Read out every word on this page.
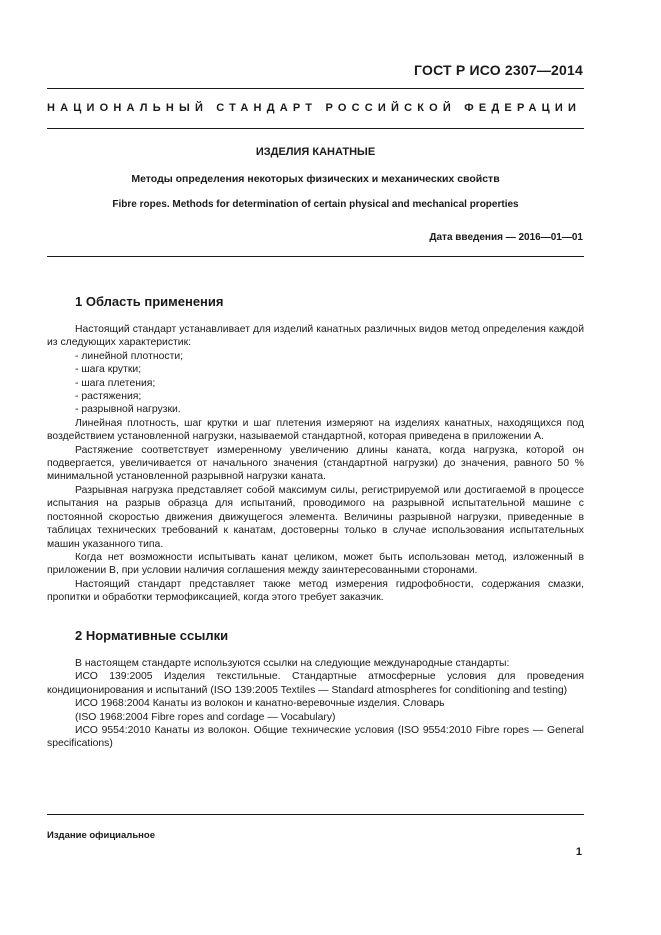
ГОСТ Р ИСО 2307—2014
НАЦИОНАЛЬНЫЙ СТАНДАРТ РОССИЙСКОЙ ФЕДЕРАЦИИ
ИЗДЕЛИЯ КАНАТНЫЕ
Методы определения некоторых физических и механических свойств
Fibre ropes. Methods for determination of certain physical and mechanical properties
Дата введения — 2016—01—01
1 Область применения

Настоящий стандарт устанавливает для изделий канатных различных видов метод определения каждой из следующих характеристик:

- линейной плотности;

- шага крутки;

- шага плетения;

- растяжения;

- разрывной нагрузки.

Линейная плотность, шаг крутки и шаг плетения измеряют на изделиях канатных, находящихся под воздействием установленной нагрузки, называемой стандартной, которая приведена в приложении А.

Растяжение соответствует измеренному увеличению длины каната, когда нагрузка, которой он подвергается, увеличивается от начального значения (стандартной нагрузки) до значения, равного 50 % минимальной установленной разрывной нагрузки каната.

Разрывная нагрузка представляет собой максимум силы, регистрируемой или достигаемой в процессе испытания на разрыв образца для испытаний, проводимого на разрывной испытательной машине с постоянной скоростью движения движущегося элемента. Величины разрывной нагрузки, приведенные в таблицах технических требований к канатам, достоверны только в случае использования испытательных машин указанного типа.

Когда нет возможности испытывать канат целиком, может быть использован метод, изложенный в приложении В, при условии наличия соглашения между заинтересованными сторонами.

Настоящий стандарт представляет также метод измерения гидрофобности, содержания смазки, пропитки и обработки термофиксацией, когда этого требует заказчик.

2 Нормативные ссылки

В настоящем стандарте используются ссылки на следующие международные стандарты:

ИСО 139:2005 Изделия текстильные. Стандартные атмосферные условия для проведения кондиционирования и испытаний (ISO 139:2005 Textiles — Standard atmospheres for conditioning and testing)

ИСО 1968:2004 Канаты из волокон и канатно-веревочные изделия. Словарь

(ISO 1968:2004 Fibre ropes and cordage — Vocabulary)

ИСО 9554:2010 Канаты из волокон. Общие технические условия (ISO 9554:2010 Fibre ropes — General specifications)

Издание официальное
1
